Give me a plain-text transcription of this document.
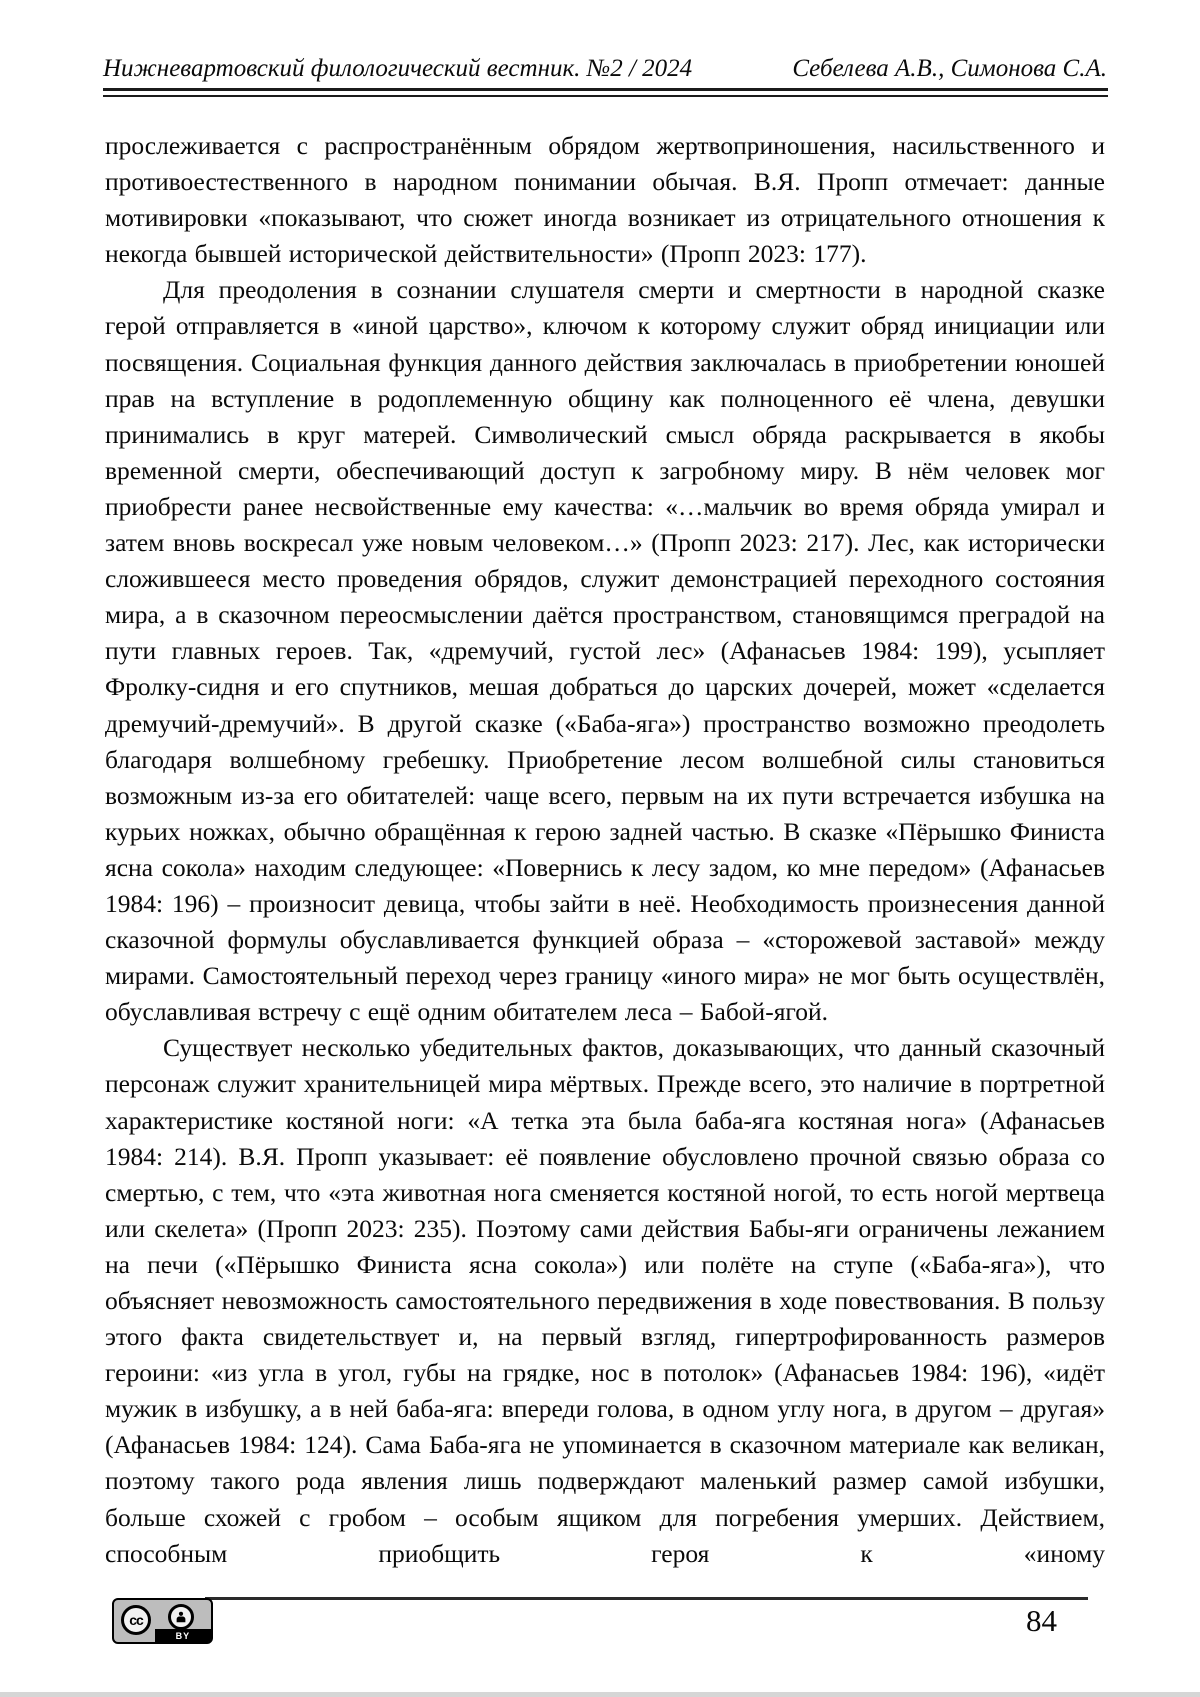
Нижневартовский филологический вестник. №2 / 2024	Себелева А.В., Симонова С.А.

прослеживается с распространённым обрядом жертвоприношения, насильственного и противоестественного в народном понимании обычая. В.Я. Пропп отмечает: данные мотивировки «показывают, что сюжет иногда возникает из отрицательного отношения к некогда бывшей исторической действительности» (Пропп 2023: 177).

Для преодоления в сознании слушателя смерти и смертности в народной сказке герой отправляется в «иной царство», ключом к которому служит обряд инициации или посвящения. Социальная функция данного действия заключалась в приобретении юношей прав на вступление в родоплеменную общину как полноценного её члена, девушки принимались в круг матерей. Символический смысл обряда раскрывается в якобы временной смерти, обеспечивающий доступ к загробному миру. В нём человек мог приобрести ранее несвойственные ему качества: «…мальчик во время обряда умирал и затем вновь воскресал уже новым человеком…» (Пропп 2023: 217). Лес, как исторически сложившееся место проведения обрядов, служит демонстрацией переходного состояния мира, а в сказочном переосмыслении даётся пространством, становящимся преградой на пути главных героев. Так, «дремучий, густой лес» (Афанасьев 1984: 199), усыпляет Фролку-сидня и его спутников, мешая добраться до царских дочерей, может «сделается дремучий-дремучий». В другой сказке («Баба-яга») пространство возможно преодолеть благодаря волшебному гребешку. Приобретение лесом волшебной силы становиться возможным из-за его обитателей: чаще всего, первым на их пути встречается избушка на курьих ножках, обычно обращённая к герою задней частью. В сказке «Пёрышко Финиста ясна сокола» находим следующее: «Повернись к лесу задом, ко мне передом» (Афанасьев 1984: 196) – произносит девица, чтобы зайти в неё. Необходимость произнесения данной сказочной формулы обуславливается функцией образа – «сторожевой заставой» между мирами. Самостоятельный переход через границу «иного мира» не мог быть осуществлён, обуславливая встречу с ещё одним обитателем леса – Бабой-ягой.

Существует несколько убедительных фактов, доказывающих, что данный сказочный персонаж служит хранительницей мира мёртвых. Прежде всего, это наличие в портретной характеристике костяной ноги: «А тетка эта была баба-яга костяная нога» (Афанасьев 1984: 214). В.Я. Пропп указывает: её появление обусловлено прочной связью образа со смертью, с тем, что «эта животная нога сменяется костяной ногой, то есть ногой мертвеца или скелета» (Пропп 2023: 235). Поэтому сами действия Бабы-яги ограничены лежанием на печи («Пёрышко Финиста ясна сокола») или полёте на ступе («Баба-яга»), что объясняет невозможность самостоятельного передвижения в ходе повествования. В пользу этого факта свидетельствует и, на первый взгляд, гипертрофированность размеров героини: «из угла в угол, губы на грядке, нос в потолок» (Афанасьев 1984: 196), «идёт мужик в избушку, а в ней баба-яга: впереди голова, в одном углу нога, в другом – другая» (Афанасьев 1984: 124). Сама Баба-яга не упоминается в сказочном материале как великан, поэтому такого рода явления лишь подверждают маленький размер самой избушки, больше схожей с гробом – особым ящиком для погребения умерших. Действием, способным приобщить героя к «иному

cc
BY	84
